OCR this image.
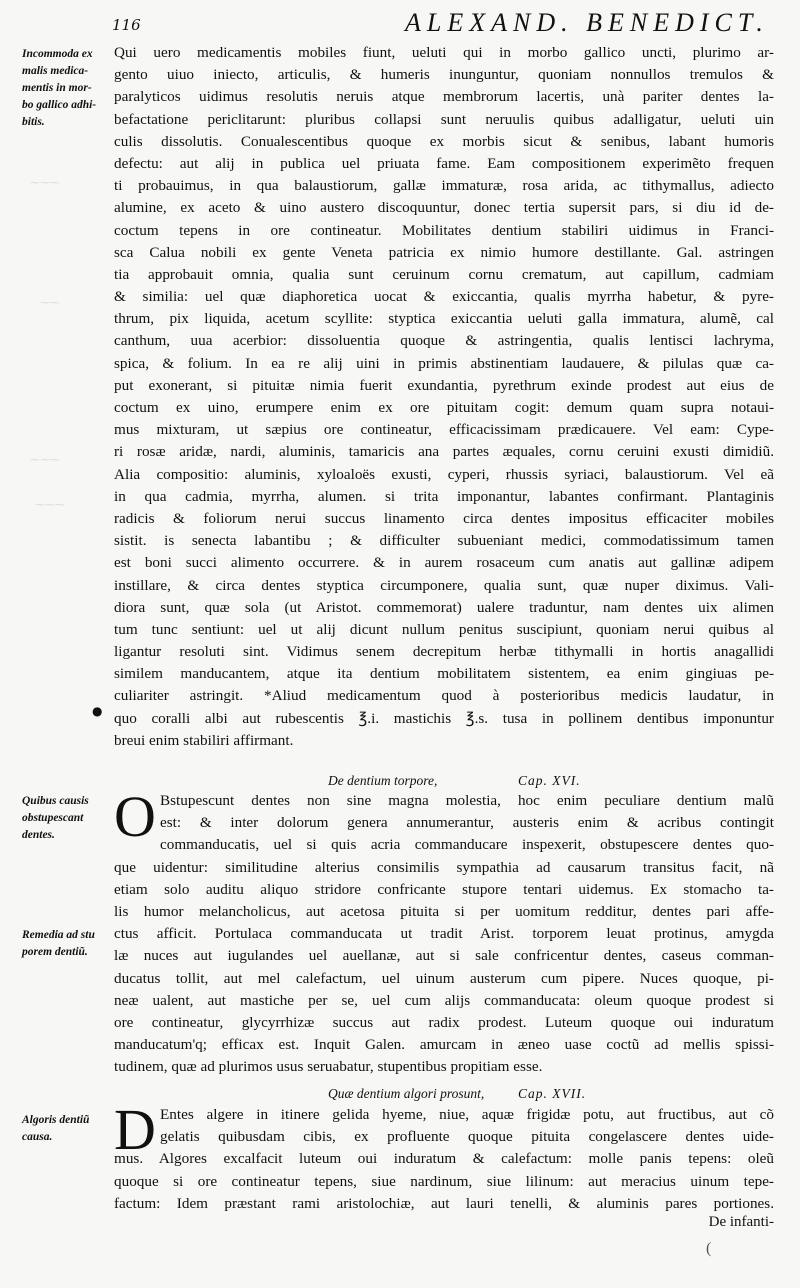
⁓⁓⁓
⁓⁓
⁓⁓⁓
⁓⁓⁓
116	ALEXAND. BENEDICT.
Incommoda ex
malis medica-
mentis in mor-
bo gallico adhi-
bitis.
Quibus causis
obstupescant
dentes.
Remedia ad stu
porem dentiũ.
Algoris dentiũ
causa.
●
Qui uero medicamentis mobiles fiunt, ueluti qui in morbo gallico uncti, plurimo ar-
gento uiuo iniecto, articulis, & humeris inunguntur, quoniam nonnullos tremulos &
paralyticos uidimus resolutis neruis atque membrorum lacertis, unà pariter dentes la-
befactatione periclitarunt: pluribus collapsi sunt neruulis quibus adalligatur, ueluti uin
culis dissolutis. Conualescentibus quoque ex morbis sicut & senibus, labant humoris
defectu: aut alij in publica uel priuata fame. Eam compositionem experimẽto frequen
ti probauimus, in qua balaustiorum, gallæ immaturæ, rosa arida, ac tithymallus, adiecto
alumine, ex aceto & uino austero discoquuntur, donec tertia supersit pars, si diu id de-
coctum tepens in ore contineatur. Mobilitates dentium stabiliri uidimus in Franci-
sca Calua nobili ex gente Veneta patricia ex nimio humore destillante. Gal. astringen
tia approbauit omnia, qualia sunt ceruinum cornu crematum, aut capillum, cadmiam
& similia: uel quæ diaphoretica uocat & exiccantia, qualis myrrha habetur, & pyre-
thrum, pix liquida, acetum scyllite: styptica exiccantia ueluti galla immatura, alumẽ, cal
canthum, uua acerbior: dissoluentia quoque & astringentia, qualis lentisci lachryma,
spica, & folium. In ea re alij uini in primis abstinentiam laudauere, & pilulas quæ ca-
put exonerant, si pituitæ nimia fuerit exundantia, pyrethrum exinde prodest aut eius de
coctum ex uino, erumpere enim ex ore pituitam cogit: demum quam supra notaui-
mus mixturam, ut sæpius ore contineatur, efficacissimam prædicauere. Vel eam: Cype-
ri rosæ aridæ, nardi, aluminis, tamaricis ana partes æquales, cornu ceruini exusti dimidiũ.
Alia compositio: aluminis, xyloaloës exusti, cyperi, rhussis syriaci, balaustiorum. Vel eã
in qua cadmia, myrrha, alumen. si trita imponantur, labantes confirmant. Plantaginis
radicis & foliorum nerui succus linamento circa dentes impositus efficaciter mobiles
sistit. is senecta labantibu ; & difficulter subueniant medici, commodatissimum tamen
est boni succi alimento occurrere. & in aurem rosaceum cum anatis aut gallinæ adipem
instillare, & circa dentes styptica circumponere, qualia sunt, quæ nuper diximus. Vali-
diora sunt, quæ sola (ut Aristot. commemorat) ualere traduntur, nam dentes uix alimen
tum tunc sentiunt: uel ut alij dicunt nullum penitus suscipiunt, quoniam nerui quibus al
ligantur resoluti sint. Vidimus senem decrepitum herbæ tithymalli in hortis anagallidi
similem manducantem, atque ita dentium mobilitatem sistentem, ea enim gingiuas pe-
culiariter astringit. *Aliud medicamentum quod à posterioribus medicis laudatur, in
quo coralli albi aut rubescentis ℥.i. mastichis ℥.s. tusa in pollinem dentibus imponuntur
breui enim stabiliri affirmant.
De dentium torpore,	Cap. XVI.
O Bstupescunt dentes non sine magna molestia, hoc enim peculiare dentium malũ
est: & inter dolorum genera annumerantur, austeris enim & acribus contingit
commanducatis, uel si quis acria commanducare inspexerit, obstupescere dentes quo-
que uidentur: similitudine alterius consimilis sympathia ad causarum transitus facit, nã
etiam solo auditu aliquo stridore confricante stupore tentari uidemus. Ex stomacho ta-
lis humor melancholicus, aut acetosa pituita si per uomitum redditur, dentes pari affe-
ctus afficit. Portulaca commanducata ut tradit Arist. torporem leuat protinus, amygda
læ nuces aut iugulandes uel auellanæ, aut si sale confricentur dentes, caseus comman-
ducatus tollit, aut mel calefactum, uel uinum austerum cum pipere. Nuces quoque, pi-
neæ ualent, aut mastiche per se, uel cum alijs commanducata: oleum quoque prodest si
ore contineatur, glycyrrhizæ succus aut radix prodest. Luteum quoque oui induratum
manducatum'q; efficax est. Inquit Galen. amurcam in æneo uase coctũ ad mellis spissi-
tudinem, quæ ad plurimos usus seruabatur, stupentibus propitiam esse.
Quæ dentium algori prosunt, Cap. XVII.
D Entes algere in itinere gelida hyeme, niue, aquæ frigidæ potu, aut fructibus, aut cõ
gelatis quibusdam cibis, ex profluente quoque pituita congelascere dentes uide-
mus. Algores excalfacit luteum oui induratum & calefactum: molle panis tepens: oleũ
quoque si ore contineatur tepens, siue nardinum, siue lilinum: aut meracius uinum tepe-
factum: Idem præstant rami aristolochiæ, aut lauri tenelli, & aluminis pares portiones.
De infanti-
(
